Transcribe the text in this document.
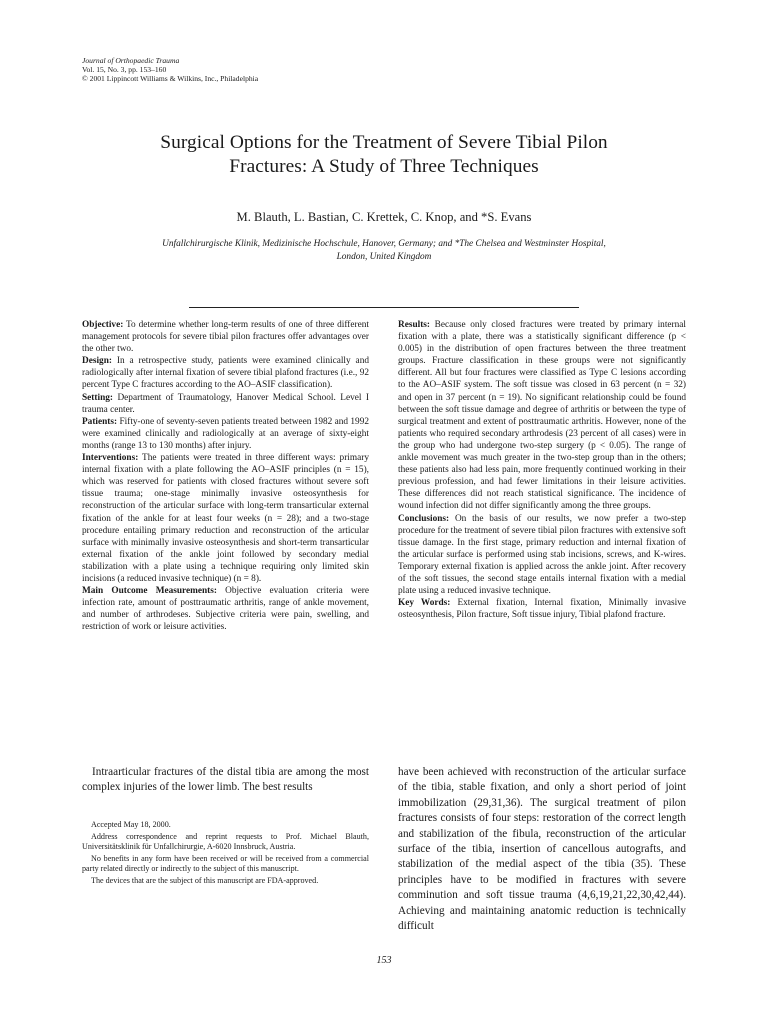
Journal of Orthopaedic Trauma
Vol. 15, No. 3, pp. 153–160
© 2001 Lippincott Williams & Wilkins, Inc., Philadelphia
Surgical Options for the Treatment of Severe Tibial Pilon
Fractures: A Study of Three Techniques
M. Blauth, L. Bastian, C. Krettek, C. Knop, and *S. Evans
Unfallchirurgische Klinik, Medizinische Hochschule, Hanover, Germany; and *The Chelsea and Westminster Hospital,
London, United Kingdom

Objective: To determine whether long-term results of one of three different management protocols for severe tibial pilon fractures offer advantages over the other two.

Design: In a retrospective study, patients were examined clinically and radiologically after internal fixation of severe tibial plafond fractures (i.e., 92 percent Type C fractures according to the AO–ASIF classification).

Setting: Department of Traumatology, Hanover Medical School. Level I trauma center.

Patients: Fifty-one of seventy-seven patients treated between 1982 and 1992 were examined clinically and radiologically at an average of sixty-eight months (range 13 to 130 months) after injury.

Interventions: The patients were treated in three different ways: primary internal fixation with a plate following the AO–ASIF principles (n = 15), which was reserved for patients with closed fractures without severe soft tissue trauma; one-stage minimally invasive osteosynthesis for reconstruction of the articular surface with long-term transarticular external fixation of the ankle for at least four weeks (n = 28); and a two-stage procedure entailing primary reduction and reconstruction of the articular surface with minimally invasive osteosynthesis and short-term transarticular external fixation of the ankle joint followed by secondary medial stabilization with a plate using a technique requiring only limited skin incisions (a reduced invasive technique) (n = 8).

Main Outcome Measurements: Objective evaluation criteria were infection rate, amount of posttraumatic arthritis, range of ankle movement, and number of arthrodeses. Subjective criteria were pain, swelling, and restriction of work or leisure activities.

Results: Because only closed fractures were treated by primary internal fixation with a plate, there was a statistically significant difference (p < 0.005) in the distribution of open fractures between the three treatment groups. Fracture classification in these groups were not significantly different. All but four fractures were classified as Type C lesions according to the AO–ASIF system. The soft tissue was closed in 63 percent (n = 32) and open in 37 percent (n = 19). No significant relationship could be found between the soft tissue damage and degree of arthritis or between the type of surgical treatment and extent of posttraumatic arthritis. However, none of the patients who required secondary arthrodesis (23 percent of all cases) were in the group who had undergone two-step surgery (p < 0.05). The range of ankle movement was much greater in the two-step group than in the others; these patients also had less pain, more frequently continued working in their previous profession, and had fewer limitations in their leisure activities. These differences did not reach statistical significance. The incidence of wound infection did not differ significantly among the three groups.

Conclusions: On the basis of our results, we now prefer a two-step procedure for the treatment of severe tibial pilon fractures with extensive soft tissue damage. In the first stage, primary reduction and internal fixation of the articular surface is performed using stab incisions, screws, and K-wires. Temporary external fixation is applied across the ankle joint. After recovery of the soft tissues, the second stage entails internal fixation with a medial plate using a reduced invasive technique.

Key Words: External fixation, Internal fixation, Minimally invasive osteosynthesis, Pilon fracture, Soft tissue injury, Tibial plafond fracture.

Intraarticular fractures of the distal tibia are among the most complex injuries of the lower limb. The best results

have been achieved with reconstruction of the articular surface of the tibia, stable fixation, and only a short period of joint immobilization (29,31,36). The surgical treatment of pilon fractures consists of four steps: restoration of the correct length and stabilization of the fibula, reconstruction of the articular surface of the tibia, insertion of cancellous autografts, and stabilization of the medial aspect of the tibia (35). These principles have to be modified in fractures with severe comminution and soft tissue trauma (4,6,19,21,22,30,42,44). Achieving and maintaining anatomic reduction is technically difficult

Accepted May 18, 2000.

Address correspondence and reprint requests to Prof. Michael Blauth, Universitätsklinik für Unfallchirurgie, A-6020 Innsbruck, Austria.

No benefits in any form have been received or will be received from a commercial party related directly or indirectly to the subject of this manuscript.

The devices that are the subject of this manuscript are FDA-approved.

153
